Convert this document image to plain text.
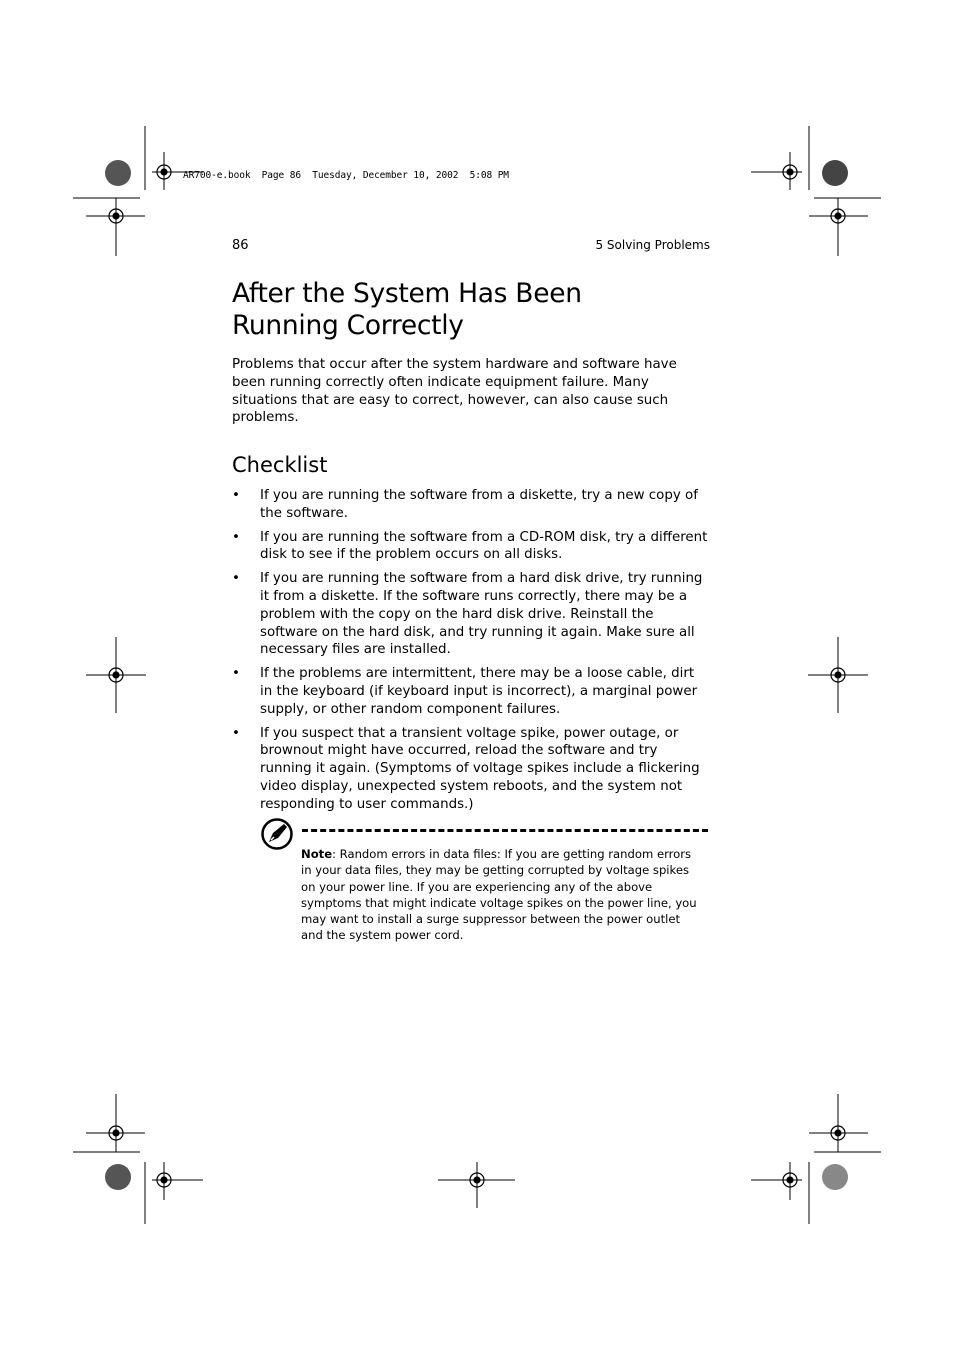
AR700-e.book  Page 86  Tuesday, December 10, 2002  5:08 PM
86	5 Solving Problems
After the System Has Been Running Correctly

Problems that occur after the system hardware and software have been running correctly often indicate equipment failure. Many situations that are easy to correct, however, can also cause such problems.

Checklist
• If you are running the software from a diskette, try a new copy of the software.
• If you are running the software from a CD-ROM disk, try a different disk to see if the problem occurs on all disks.
• If you are running the software from a hard disk drive, try running it from a diskette. If the software runs correctly, there may be a problem with the copy on the hard disk drive. Reinstall the software on the hard disk, and try running it again. Make sure all necessary files are installed.
• If the problems are intermittent, there may be a loose cable, dirt in the keyboard (if keyboard input is incorrect), a marginal power supply, or other random component failures.
• If you suspect that a transient voltage spike, power outage, or brownout might have occurred, reload the software and try running it again. (Symptoms of voltage spikes include a flickering video display, unexpected system reboots, and the system not responding to user commands.)

Note: Random errors in data files: If you are getting random errors in your data files, they may be getting corrupted by voltage spikes on your power line. If you are experiencing any of the above symptoms that might indicate voltage spikes on the power line, you may want to install a surge suppressor between the power outlet and the system power cord.
